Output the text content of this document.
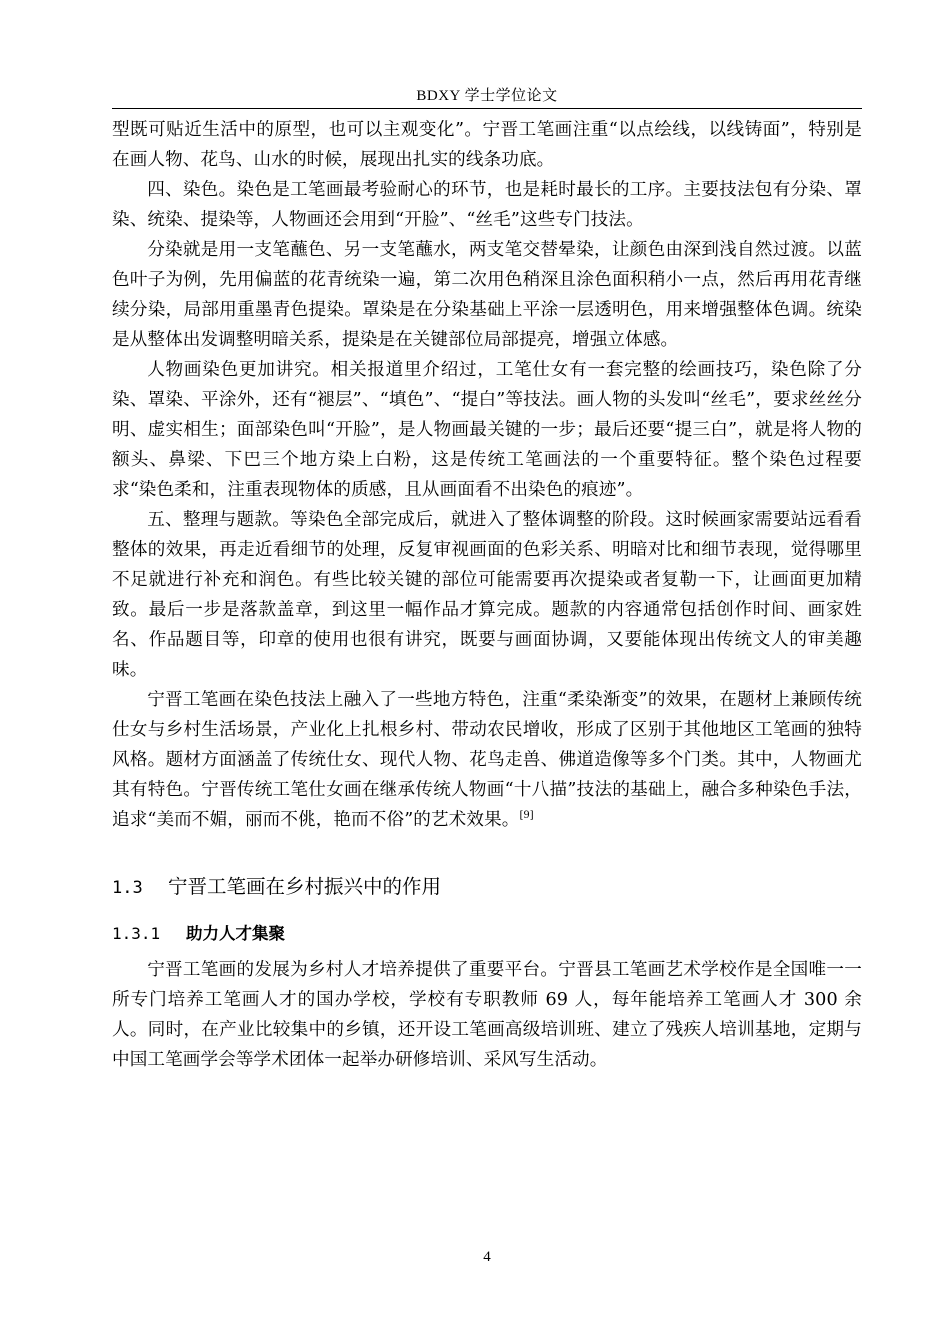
BDXY 学士学位论文

型既可贴近生活中的原型，也可以主观变化”。宁晋工笔画注重“以点绘线，以线铸面”，特别是在画人物、花鸟、山水的时候，展现出扎实的线条功底。

四、染色。染色是工笔画最考验耐心的环节，也是耗时最长的工序。主要技法包有分染、罩染、统染、提染等，人物画还会用到“开脸”、“丝毛”这些专门技法。

分染就是用一支笔蘸色、另一支笔蘸水，两支笔交替晕染，让颜色由深到浅自然过渡。以蓝色叶子为例，先用偏蓝的花青统染一遍，第二次用色稍深且涂色面积稍小一点，然后再用花青继续分染，局部用重墨青色提染。罩染是在分染基础上平涂一层透明色，用来增强整体色调。统染是从整体出发调整明暗关系，提染是在关键部位局部提亮，增强立体感。

人物画染色更加讲究。相关报道里介绍过，工笔仕女有一套完整的绘画技巧，染色除了分染、罩染、平涂外，还有“褪层”、“填色”、“提白”等技法。画人物的头发叫“丝毛”，要求丝丝分明、虚实相生；面部染色叫“开脸”，是人物画最关键的一步；最后还要“提三白”，就是将人物的额头、鼻梁、下巴三个地方染上白粉，这是传统工笔画法的一个重要特征。整个染色过程要求“染色柔和，注重表现物体的质感，且从画面看不出染色的痕迹”。

五、整理与题款。等染色全部完成后，就进入了整体调整的阶段。这时候画家需要站远看看整体的效果，再走近看细节的处理，反复审视画面的色彩关系、明暗对比和细节表现，觉得哪里不足就进行补充和润色。有些比较关键的部位可能需要再次提染或者复勒一下，让画面更加精致。最后一步是落款盖章，到这里一幅作品才算完成。题款的内容通常包括创作时间、画家姓名、作品题目等，印章的使用也很有讲究，既要与画面协调，又要能体现出传统文人的审美趣味。

宁晋工笔画在染色技法上融入了一些地方特色，注重“柔染渐变”的效果，在题材上兼顾传统仕女与乡村生活场景，产业化上扎根乡村、带动农民增收，形成了区别于其他地区工笔画的独特风格。题材方面涵盖了传统仕女、现代人物、花鸟走兽、佛道造像等多个门类。其中，人物画尤其有特色。宁晋传统工笔仕女画在继承传统人物画“十八描”技法的基础上，融合多种染色手法，追求“美而不媚，丽而不佻，艳而不俗”的艺术效果。[9]

1.3 宁晋工笔画在乡村振兴中的作用
1.3.1 助力人才集聚

宁晋工笔画的发展为乡村人才培养提供了重要平台。宁晋县工笔画艺术学校作是全国唯一一所专门培养工笔画人才的国办学校，学校有专职教师 69 人，每年能培养工笔画人才 300 余人。同时，在产业比较集中的乡镇，还开设工笔画高级培训班、建立了残疾人培训基地，定期与中国工笔画学会等学术团体一起举办研修培训、采风写生活动。

4
